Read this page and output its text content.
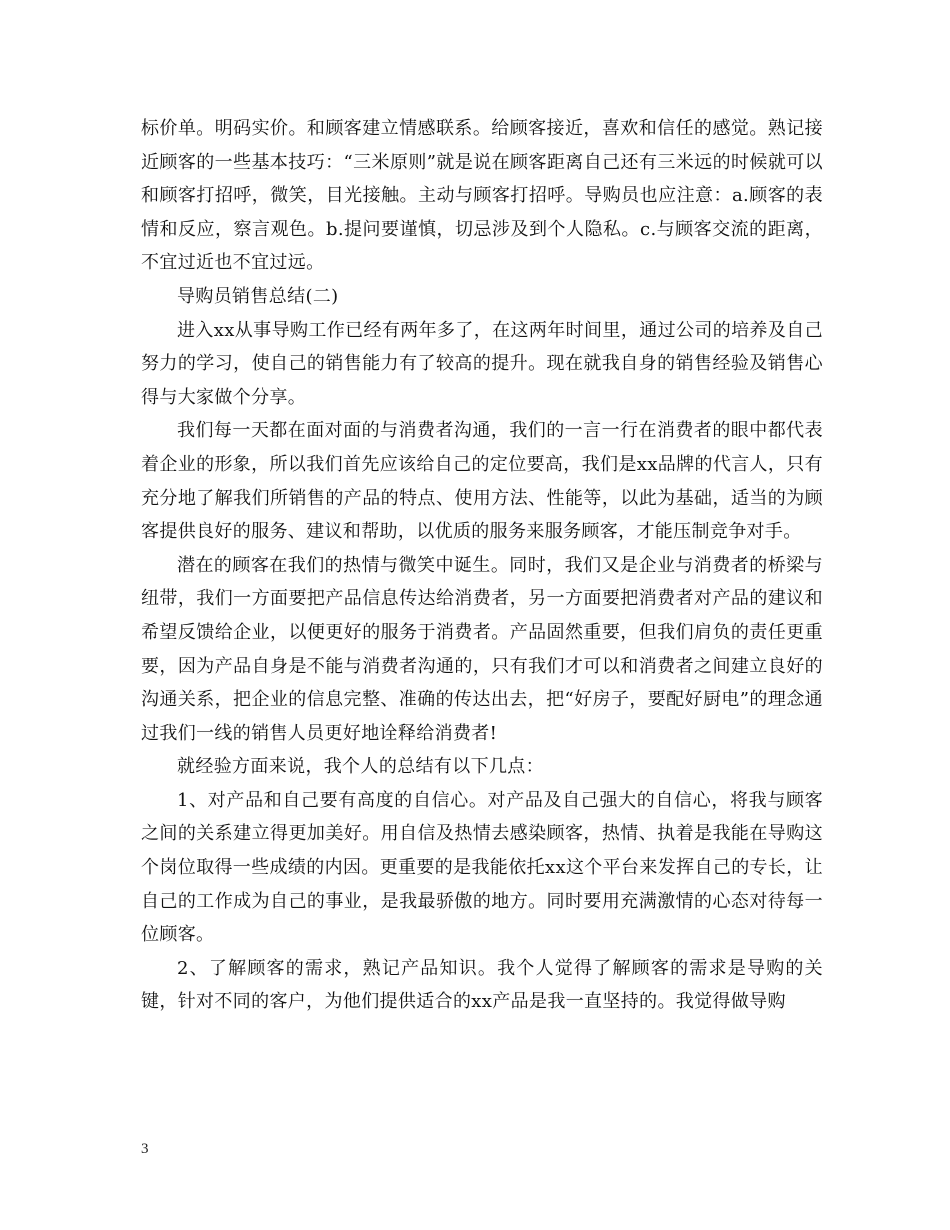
标价单。明码实价。和顾客建立情感联系。给顾客接近，喜欢和信任的感觉。熟记接近顾客的一些基本技巧：“三米原则”就是说在顾客距离自己还有三米远的时候就可以和顾客打招呼，微笑，目光接触。主动与顾客打招呼。导购员也应注意：a.顾客的表情和反应，察言观色。b.提问要谨慎，切忌涉及到个人隐私。c.与顾客交流的距离，不宜过近也不宜过远。

导购员销售总结(二)

进入xx从事导购工作已经有两年多了，在这两年时间里，通过公司的培养及自己努力的学习，使自己的销售能力有了较高的提升。现在就我自身的销售经验及销售心得与大家做个分享。

我们每一天都在面对面的与消费者沟通，我们的一言一行在消费者的眼中都代表着企业的形象，所以我们首先应该给自己的定位要高，我们是xx品牌的代言人，只有充分地了解我们所销售的产品的特点、使用方法、性能等，以此为基础，适当的为顾客提供良好的服务、建议和帮助，以优质的服务来服务顾客，才能压制竞争对手。

潜在的顾客在我们的热情与微笑中诞生。同时，我们又是企业与消费者的桥梁与纽带，我们一方面要把产品信息传达给消费者，另一方面要把消费者对产品的建议和希望反馈给企业，以便更好的服务于消费者。产品固然重要，但我们肩负的责任更重要，因为产品自身是不能与消费者沟通的，只有我们才可以和消费者之间建立良好的沟通关系，把企业的信息完整、准确的传达出去，把“好房子，要配好厨电”的理念通过我们一线的销售人员更好地诠释给消费者!

就经验方面来说，我个人的总结有以下几点：

1、对产品和自己要有高度的自信心。对产品及自己强大的自信心，将我与顾客之间的关系建立得更加美好。用自信及热情去感染顾客，热情、执着是我能在导购这个岗位取得一些成绩的内因。更重要的是我能依托xx这个平台来发挥自己的专长，让自己的工作成为自己的事业，是我最骄傲的地方。同时要用充满激情的心态对待每一位顾客。

2、了解顾客的需求，熟记产品知识。我个人觉得了解顾客的需求是导购的关键，针对不同的客户，为他们提供适合的xx产品是我一直坚持的。我觉得做导购

3
